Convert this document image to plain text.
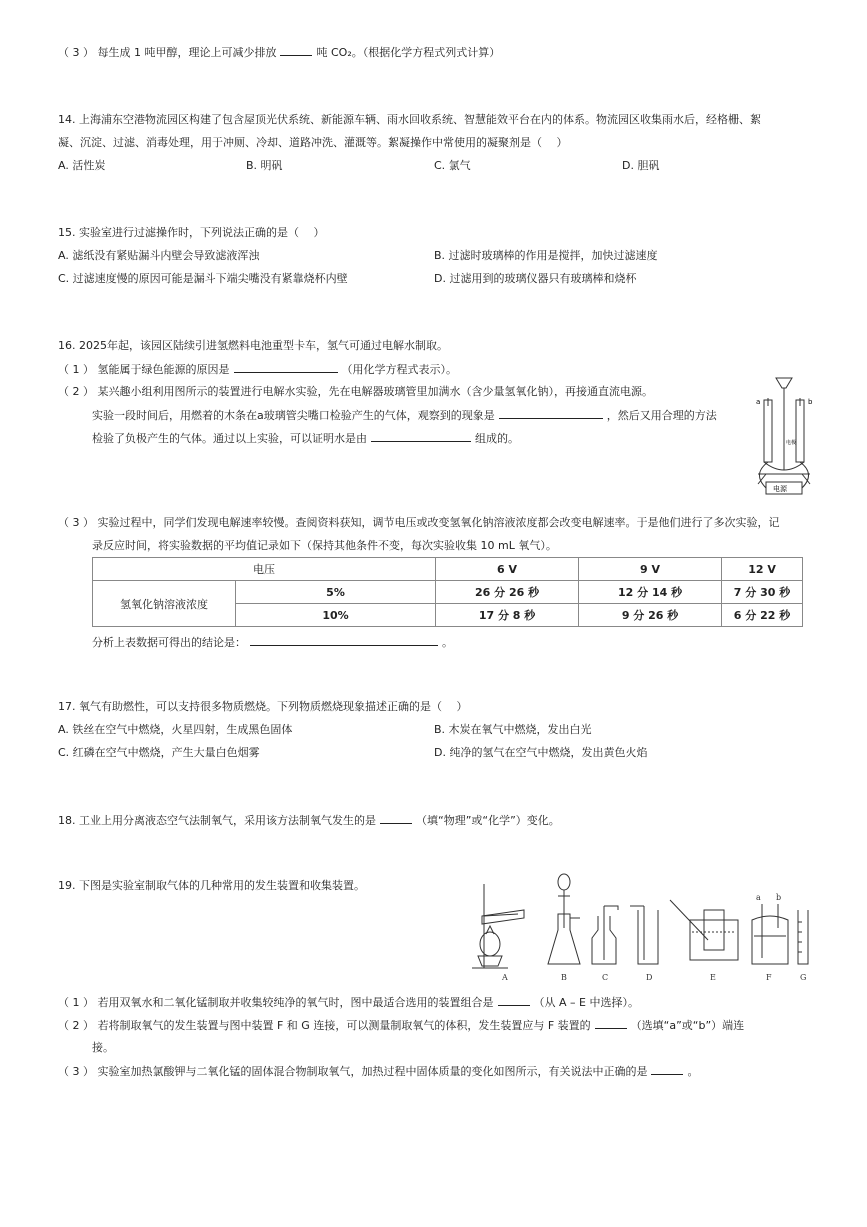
（ 3 ） 每生成 1 吨甲醇，理论上可减少排放	吨 CO₂。（根据化学方程式列式计算）
14. 上海浦东空港物流园区构建了包含屋顶光伏系统、新能源车辆、雨水回收系统、智慧能效平台在内的体系。物流园区收集雨水后，经格栅、絮
凝、沉淀、过滤、消毒处理，用于冲厕、冷却、道路冲洗、灌溉等。絮凝操作中常使用的凝聚剂是（　 ）
A. 活性炭	B. 明矾	C. 氯气	D. 胆矾
15. 实验室进行过滤操作时，下列说法正确的是（　 ）
A. 滤纸没有紧贴漏斗内壁会导致滤液浑浊	B. 过滤时玻璃棒的作用是搅拌，加快过滤速度
C. 过滤速度慢的原因可能是漏斗下端尖嘴没有紧靠烧杯内壁	D. 过滤用到的玻璃仪器只有玻璃棒和烧杯
16. 2025年起，该园区陆续引进氢燃料电池重型卡车，氢气可通过电解水制取。
（ 1 ） 氢能属于绿色能源的原因是	（用化学方程式表示）。
（ 2 ） 某兴趣小组利用图所示的装置进行电解水实验，先在电解器玻璃管里加满水（含少量氢氧化钠），再接通直流电源。
实验一段时间后，用燃着的木条在a玻璃管尖嘴口检验产生的气体，观察到的现象是	，然后又用合理的方法
检验了负极产生的气体。通过以上实验，可以证明水是由	组成的。
a	b
电源
电极
（ 3 ） 实验过程中，同学们发现电解速率较慢。查阅资料获知，调节电压或改变氢氧化钠溶液浓度都会改变电解速率。于是他们进行了多次实验，记
录反应时间，将实验数据的平均值记录如下（保持其他条件不变，每次实验收集 10 mL 氧气）。
电压		6 V	9 V	12 V
氢氧化钠溶液浓度	5%	26 分 26 秒	12 分 14 秒	7 分 30 秒
	10%	17 分 8 秒	9 分 26 秒	6 分 22 秒
分析上表数据可得出的结论是：	。
17. 氧气有助燃性，可以支持很多物质燃烧。下列物质燃烧现象描述正确的是（　 ）
A. 铁丝在空气中燃烧，火星四射，生成黑色固体	B. 木炭在氧气中燃烧，发出白光
C. 红磷在空气中燃烧，产生大量白色烟雾	D. 纯净的氢气在空气中燃烧，发出黄色火焰
18. 工业上用分离液态空气法制氧气，采用该方法制氧气发生的是	（填“物理”或“化学”）变化。
19. 下图是实验室制取气体的几种常用的发生装置和收集装置。
A	B	C	D	E	F	G
a b
（ 1 ） 若用双氧水和二氧化锰制取并收集较纯净的氧气时，图中最适合选用的装置组合是	（从 A – E 中选择）。
（ 2 ） 若将制取氧气的发生装置与图中装置 F 和 G 连接，可以测量制取氧气的体积，发生装置应与 F 装置的	（选填“a”或“b”）端连
接。
（ 3 ） 实验室加热氯酸钾与二氧化锰的固体混合物制取氧气，加热过程中固体质量的变化如图所示，有关说法中正确的是	。
